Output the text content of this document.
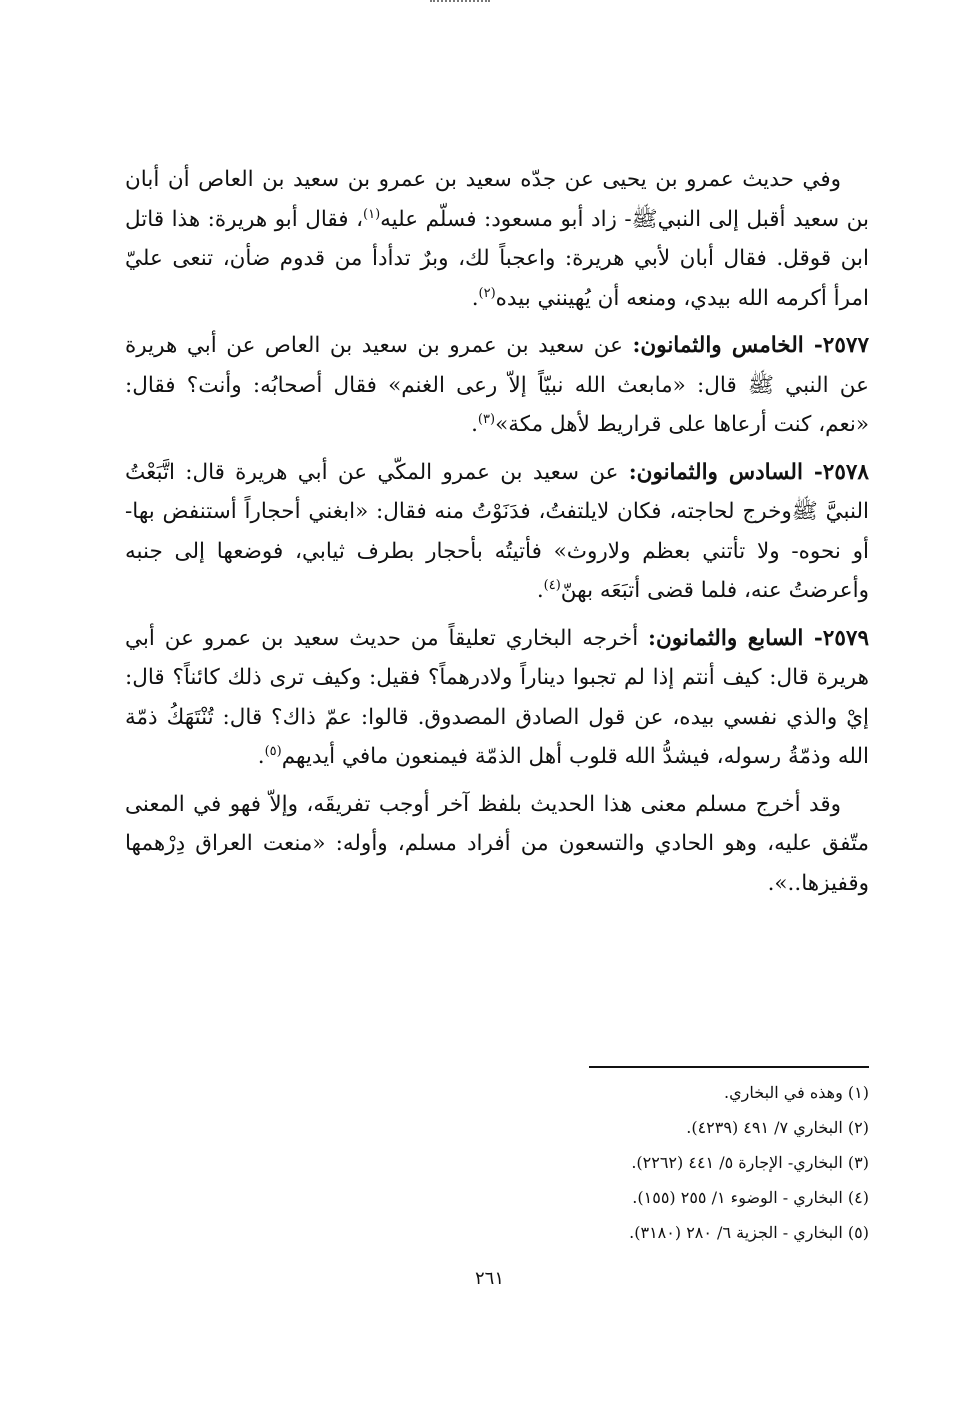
وفي حديث عمرو بن يحيى عن جدّه سعيد بن عمرو بن سعيد بن العاص أن أبان بن سعيد أقبل إلى النبيﷺ- زاد أبو مسعود: فسلّم عليه$^{(١)}$، فقال أبو هريرة: هذا قاتل ابن قوقل. فقال أبان لأبي هريرة: واعجباً لك، وبرٌ تدأدأ من قدوم ضأن، تنعى عليّ امرأ أكرمه الله بيدي، ومنعه أن يُهينني بيده$^{(٢)}$.

٢٥٧٧- الخامس والثمانون: عن سعيد بن عمرو بن سعيد بن العاص عن أبي هريرة عن النبي ﷺ قال: «مابعث الله نبيّاً إلاّ رعى الغنم» فقال أصحابُه: وأنت؟ فقال: «نعم، كنت أرعاها على قراريط لأهل مكة»$^{(٣)}$.

٢٥٧٨- السادس والثمانون: عن سعيد بن عمرو المكّي عن أبي هريرة قال: اتَّبَعْتُ النبيَّ ﷺوخرج لحاجته، فكان لايلتفتُ، فدَنَوْتُ منه فقال: «ابغني أحجاراً أستنفض بها- أو نحوه- ولا تأتني بعظم ولاروث» فأتيتُه بأحجار بطرف ثيابي، فوضعها إلى جنبه وأعرضتُ عنه، فلما قضى أتبَعَه بهنّ$^{(٤)}$.

٢٥٧٩- السابع والثمانون: أخرجه البخاري تعليقاً من حديث سعيد بن عمرو عن أبي هريرة قال: كيف أنتم إذا لم تجبوا ديناراً ولادرهماً؟ فقيل: وكيف ترى ذلك كائناً؟ قال: إيْ والذي نفسي بيده، عن قول الصادق المصدوق. قالوا: عمّ ذاك؟ قال: تُنْتَهَكُ ذمّة الله وذمّةُ رسوله، فيشدُّ الله قلوب أهل الذمّة فيمنعون مافي أيديهم$^{(٥)}$.

وقد أخرج مسلم معنى هذا الحديث بلفظ آخر أوجب تفريقَه، وإلاّ فهو في المعنى متّفق عليه، وهو الحادي والتسعون من أفراد مسلم، وأوله: «منعت العراق دِرْهمها وقفيزها..».

(١) وهذه في البخاري.

(٢) البخاري ٧/ ٤٩١ (٤٢٣٩).

(٣) البخاري- الإجارة ٥/ ٤٤١ (٢٢٦٢).

(٤) البخاري - الوضوء ١/ ٢٥٥ (١٥٥).

(٥) البخاري - الجزية ٦/ ٢٨٠ (٣١٨٠).

٢٦١
